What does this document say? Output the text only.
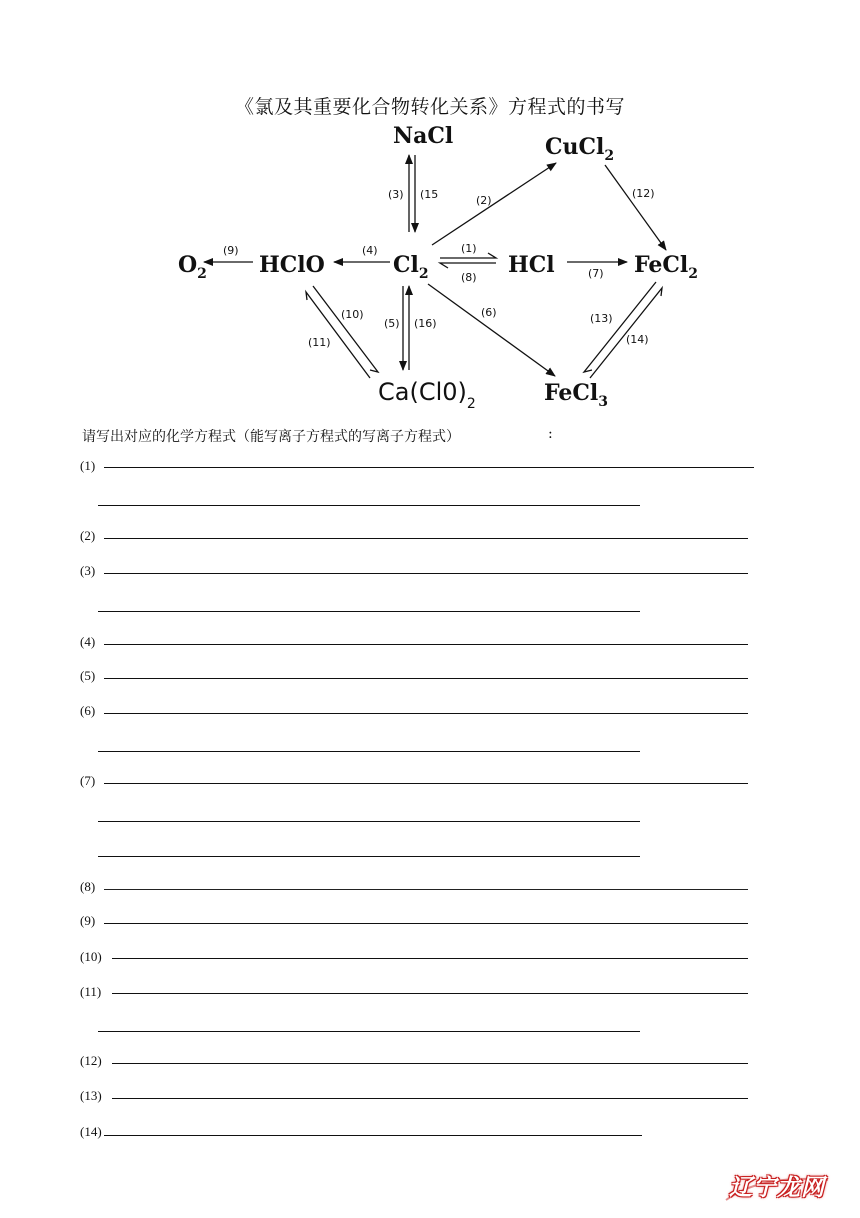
《氯及其重要化合物转化关系》方程式的书写
NaCl	CuCl$_2$
$O_2$ HClO	$Cl_2$	HCl	FeCl$_2$
$Ca(Cl0)_2$	FeCl$_3$
(3) (15	(2)
(12)
(4)
(9)	(1)
(8)	(7)
(5) (16)
(10)
(11)
(6)	(13)
(14)
请写出对应的化学方程式（能写离子方程式的写离子方程式）	:
(1)
(2)
(3)
(4)
(5)
(6)
(7)
(8)
(9)
(10)
(11)
(12)
(13)
(14)
辽宁龙网
